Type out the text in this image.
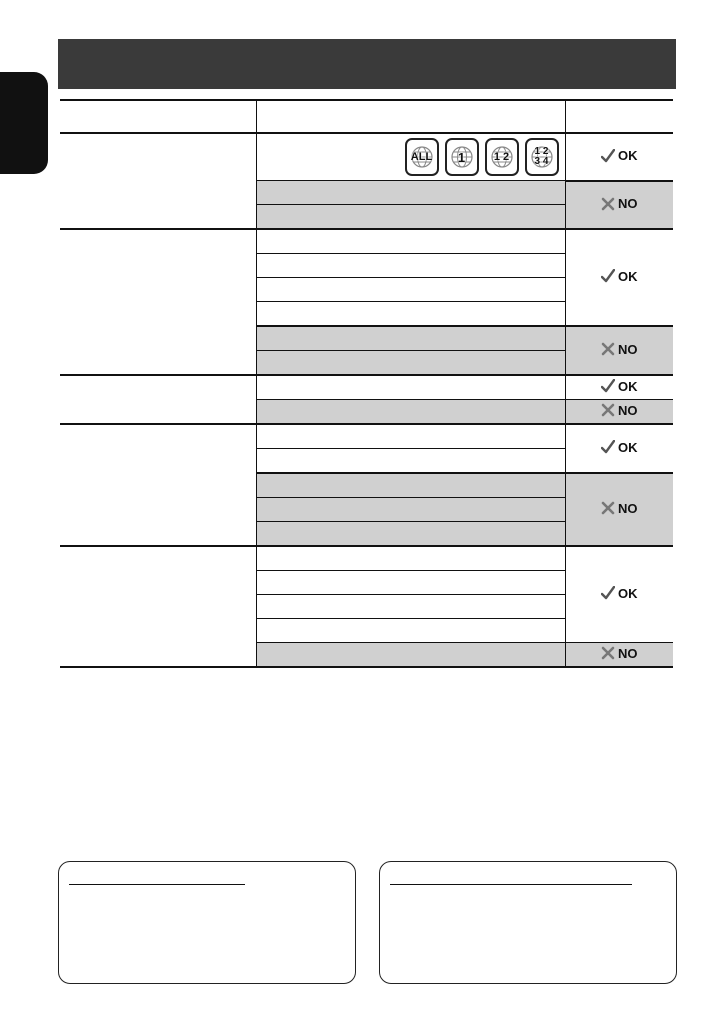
	ALL 1 1 2 1 2 3 4	OK

		NO

		OK

		NO

		OK

		NO

		OK

		NO

		OK

		NO
